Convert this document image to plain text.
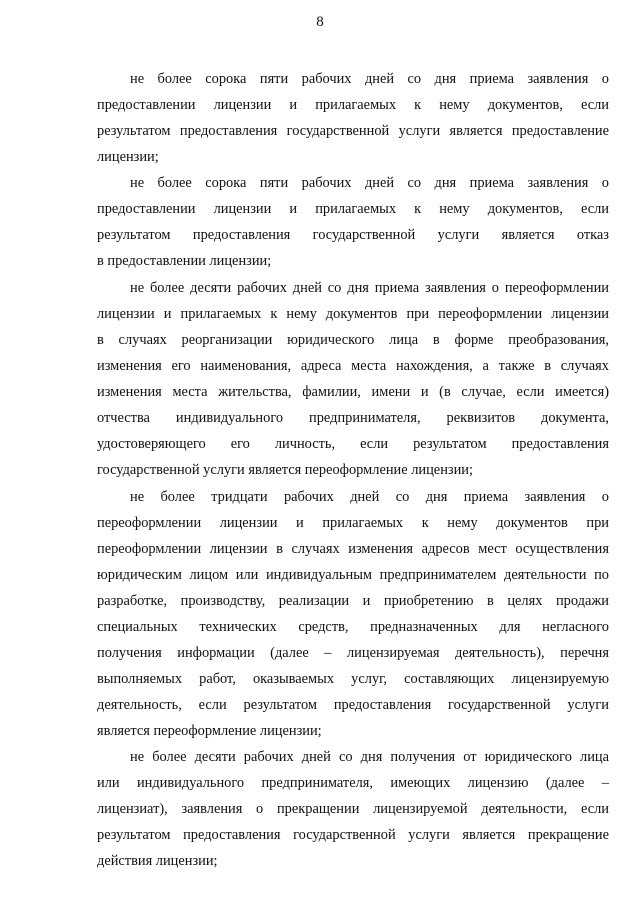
8
не более сорока пяти рабочих дней со дня приема заявления о
предоставлении лицензии и прилагаемых к нему документов, если
результатом предоставления государственной услуги является предоставление
лицензии;
не более сорока пяти рабочих дней со дня приема заявления о
предоставлении лицензии и прилагаемых к нему документов, если
результатом предоставления государственной услуги является отказ
в предоставлении лицензии;
не более десяти рабочих дней со дня приема заявления о переоформлении
лицензии и прилагаемых к нему документов при переоформлении лицензии
в случаях реорганизации юридического лица в форме преобразования,
изменения его наименования, адреса места нахождения, а также в случаях
изменения места жительства, фамилии, имени и (в случае, если имеется)
отчества индивидуального предпринимателя, реквизитов документа,
удостоверяющего его личность, если результатом предоставления
государственной услуги является переоформление лицензии;
не более тридцати рабочих дней со дня приема заявления о
переоформлении лицензии и прилагаемых к нему документов при
переоформлении лицензии в случаях изменения адресов мест осуществления
юридическим лицом или индивидуальным предпринимателем деятельности по
разработке, производству, реализации и приобретению в целях продажи
специальных технических средств, предназначенных для негласного
получения информации (далее – лицензируемая деятельность), перечня
выполняемых работ, оказываемых услуг, составляющих лицензируемую
деятельность, если результатом предоставления государственной услуги
является переоформление лицензии;
не более десяти рабочих дней со дня получения от юридического лица
или индивидуального предпринимателя, имеющих лицензию (далее –
лицензиат), заявления о прекращении лицензируемой деятельности, если
результатом предоставления государственной услуги является прекращение
действия лицензии;
